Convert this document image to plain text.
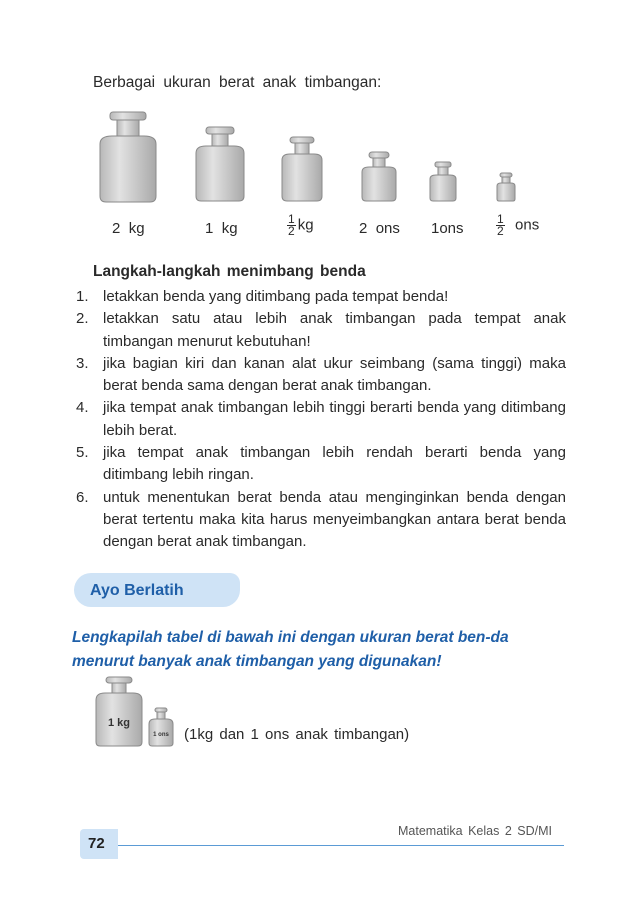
Berbagai ukuran berat anak timbangan:
2 kg	1 kg	$\frac{1}{2}$ kg	2 ons 1ons	$\frac{1}{2}$ ons
Langkah-langkah menimbang benda
1. letakkan benda yang ditimbang pada tempat benda!
2. letakkan satu atau lebih anak timbangan pada tempat anak timbangan menurut kebutuhan!
3. jika bagian kiri dan kanan alat ukur seimbang (sama tinggi) maka berat benda sama dengan berat anak timbangan.
4. jika tempat anak timbangan lebih tinggi berarti benda yang ditimbang lebih berat.
5. jika tempat anak timbangan lebih rendah berarti benda yang ditimbang lebih ringan.
6. untuk menentukan berat benda atau menginginkan benda dengan berat tertentu maka kita harus menyeimbangkan antara berat benda dengan berat anak timbangan.
Ayo Berlatih
Lengkapilah tabel di bawah ini dengan ukuran berat ben-da menurut banyak anak timbangan yang digunakan!
1 kg
1 ons (1kg dan 1 ons anak timbangan)
Matematika Kelas 2 SD/MI
72
